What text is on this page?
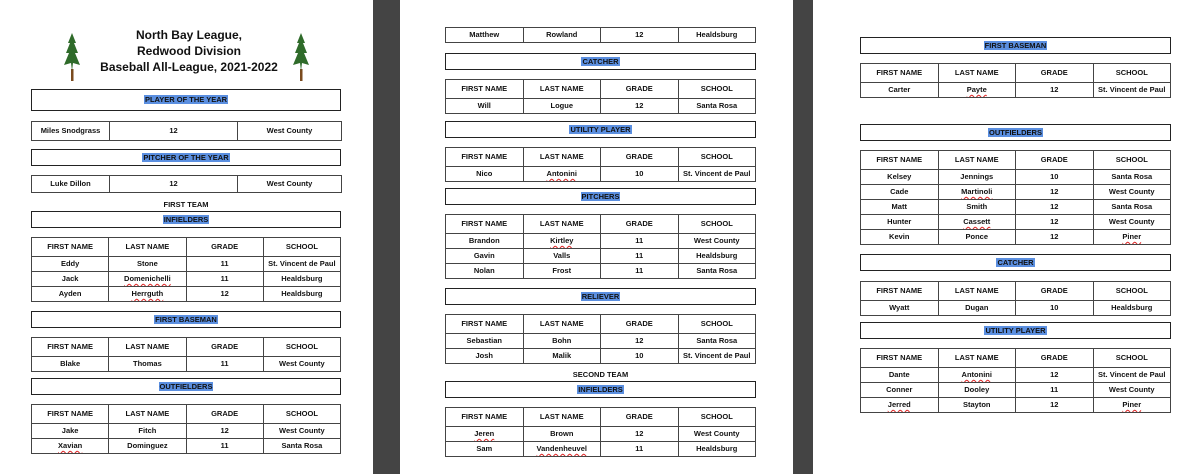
North Bay League,
Redwood Division
Baseball All-League, 2021-2022
PLAYER OF THE YEAR
Miles Snodgrass	12	West County
PITCHER OF THE YEAR
Luke Dillon	12	West County
FIRST TEAM
INFIELDERS
FIRST NAME	LAST NAME	GRADE	SCHOOL
Eddy	Stone	11	St. Vincent de Paul
Jack	Domenichelli	11	Healdsburg
Ayden	Herrguth	12	Healdsburg
FIRST BASEMAN
FIRST NAME	LAST NAME	GRADE	SCHOOL
Blake	Thomas	11	West County
OUTFIELDERS
FIRST NAME	LAST NAME	GRADE	SCHOOL
Jake	Fitch	12	West County
Xavian	Dominguez	11	Santa Rosa
Matthew	Rowland	12	Healdsburg
CATCHER
FIRST NAME	LAST NAME	GRADE	SCHOOL
Will	Logue	12	Santa Rosa
UTILITY PLAYER
FIRST NAME	LAST NAME	GRADE	SCHOOL
Nico	Antonini	10	St. Vincent de Paul
PITCHERS
FIRST NAME	LAST NAME	GRADE	SCHOOL
Brandon	Kirtley	11	West County
Gavin	Valls	11	Healdsburg
Nolan	Frost	11	Santa Rosa
RELIEVER
FIRST NAME	LAST NAME	GRADE	SCHOOL
Sebastian	Bohn	12	Santa Rosa
Josh	Malik	10	St. Vincent de Paul
SECOND TEAM
INFIELDERS
FIRST NAME	LAST NAME	GRADE	SCHOOL
Jeren	Brown	12	West County
Sam	Vandenheuvel	11	Healdsburg
FIRST BASEMAN
FIRST NAME	LAST NAME	GRADE	SCHOOL
Carter	Payte	12	St. Vincent de Paul
OUTFIELDERS
FIRST NAME	LAST NAME	GRADE	SCHOOL
Kelsey	Jennings	10	Santa Rosa
Cade	Martinoli	12	West County
Matt	Smith	12	Santa Rosa
Hunter	Cassett	12	West County
Kevin	Ponce	12	Piner
CATCHER
FIRST NAME	LAST NAME	GRADE	SCHOOL
Wyatt	Dugan	10	Healdsburg
UTILITY PLAYER
FIRST NAME	LAST NAME	GRADE	SCHOOL
Dante	Antonini	12	St. Vincent de Paul
Conner	Dooley	11	West County
Jerred	Stayton	12	Piner
